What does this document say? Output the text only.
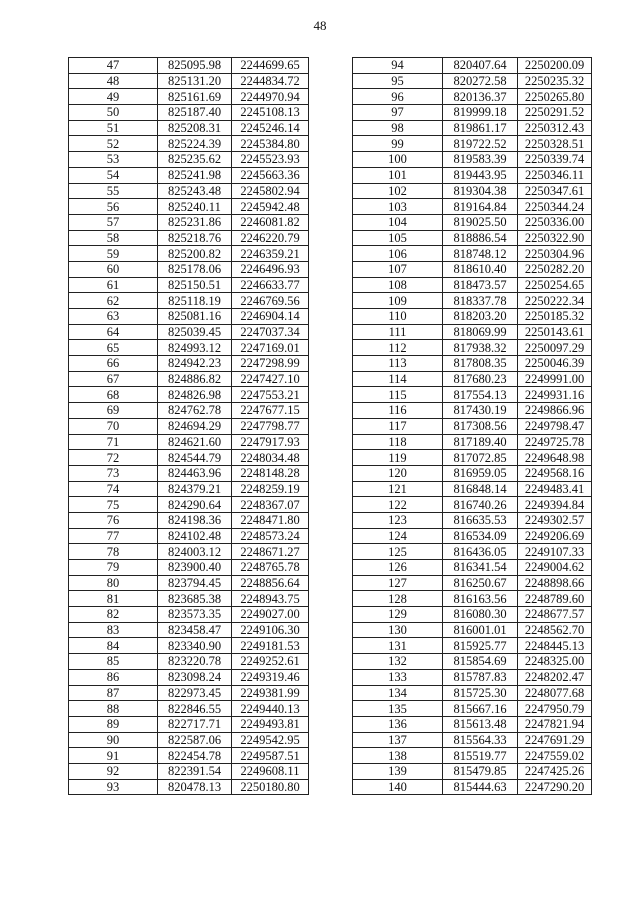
48
47	825095.98	2244699.65
48	825131.20	2244834.72
49	825161.69	2244970.94
50	825187.40	2245108.13
51	825208.31	2245246.14
52	825224.39	2245384.80
53	825235.62	2245523.93
54	825241.98	2245663.36
55	825243.48	2245802.94
56	825240.11	2245942.48
57	825231.86	2246081.82
58	825218.76	2246220.79
59	825200.82	2246359.21
60	825178.06	2246496.93
61	825150.51	2246633.77
62	825118.19	2246769.56
63	825081.16	2246904.14
64	825039.45	2247037.34
65	824993.12	2247169.01
66	824942.23	2247298.99
67	824886.82	2247427.10
68	824826.98	2247553.21
69	824762.78	2247677.15
70	824694.29	2247798.77
71	824621.60	2247917.93
72	824544.79	2248034.48
73	824463.96	2248148.28
74	824379.21	2248259.19
75	824290.64	2248367.07
76	824198.36	2248471.80
77	824102.48	2248573.24
78	824003.12	2248671.27
79	823900.40	2248765.78
80	823794.45	2248856.64
81	823685.38	2248943.75
82	823573.35	2249027.00
83	823458.47	2249106.30
84	823340.90	2249181.53
85	823220.78	2249252.61
86	823098.24	2249319.46
87	822973.45	2249381.99
88	822846.55	2249440.13
89	822717.71	2249493.81
90	822587.06	2249542.95
91	822454.78	2249587.51
92	822391.54	2249608.11
93	820478.13	2250180.80
94	820407.64	2250200.09
95	820272.58	2250235.32
96	820136.37	2250265.80
97	819999.18	2250291.52
98	819861.17	2250312.43
99	819722.52	2250328.51
100	819583.39	2250339.74
101	819443.95	2250346.11
102	819304.38	2250347.61
103	819164.84	2250344.24
104	819025.50	2250336.00
105	818886.54	2250322.90
106	818748.12	2250304.96
107	818610.40	2250282.20
108	818473.57	2250254.65
109	818337.78	2250222.34
110	818203.20	2250185.32
111	818069.99	2250143.61
112	817938.32	2250097.29
113	817808.35	2250046.39
114	817680.23	2249991.00
115	817554.13	2249931.16
116	817430.19	2249866.96
117	817308.56	2249798.47
118	817189.40	2249725.78
119	817072.85	2249648.98
120	816959.05	2249568.16
121	816848.14	2249483.41
122	816740.26	2249394.84
123	816635.53	2249302.57
124	816534.09	2249206.69
125	816436.05	2249107.33
126	816341.54	2249004.62
127	816250.67	2248898.66
128	816163.56	2248789.60
129	816080.30	2248677.57
130	816001.01	2248562.70
131	815925.77	2248445.13
132	815854.69	2248325.00
133	815787.83	2248202.47
134	815725.30	2248077.68
135	815667.16	2247950.79
136	815613.48	2247821.94
137	815564.33	2247691.29
138	815519.77	2247559.02
139	815479.85	2247425.26
140	815444.63	2247290.20
